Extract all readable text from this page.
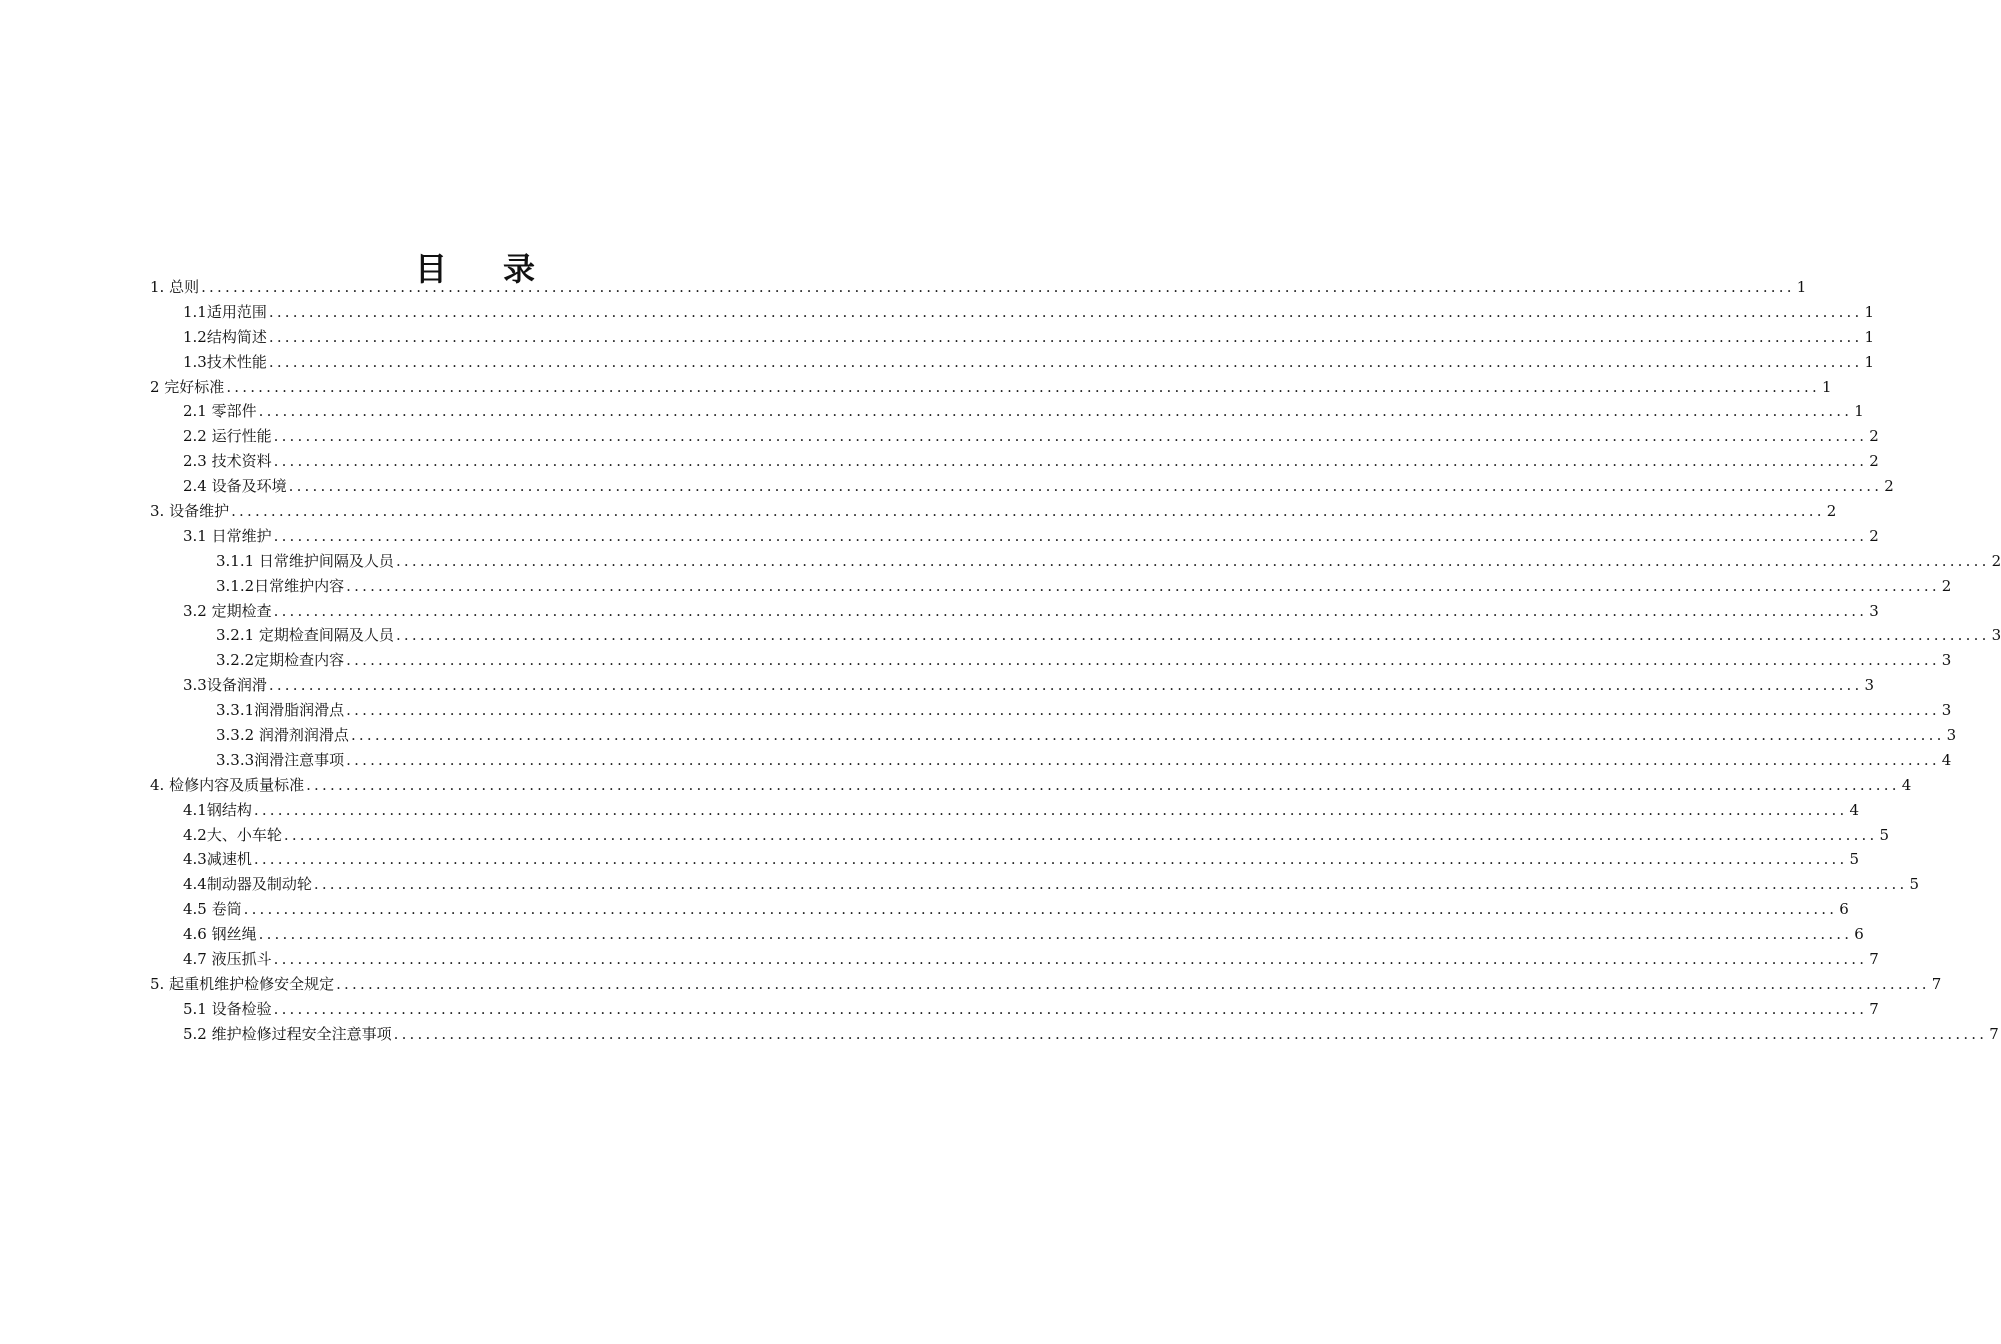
目 录
1. 总则 ........................................................................................................................................................................................................ 1
1.1适用范围 ........................................................................................................................................................................................................ 1
1.2结构简述 ........................................................................................................................................................................................................ 1
1.3技术性能 ........................................................................................................................................................................................................ 1
2 完好标准 ........................................................................................................................................................................................................ 1
2.1 零部件 ........................................................................................................................................................................................................ 1
2.2 运行性能 ........................................................................................................................................................................................................ 2
2.3 技术资料 ........................................................................................................................................................................................................ 2
2.4 设备及环境 ........................................................................................................................................................................................................ 2
3. 设备维护 ........................................................................................................................................................................................................ 2
3.1 日常维护 ........................................................................................................................................................................................................ 2
3.1.1 日常维护间隔及人员 ........................................................................................................................................................................................................ 2
3.1.2日常维护内容 ........................................................................................................................................................................................................ 2
3.2 定期检查 ........................................................................................................................................................................................................ 3
3.2.1 定期检查间隔及人员 ........................................................................................................................................................................................................ 3
3.2.2定期检查内容 ........................................................................................................................................................................................................ 3
3.3设备润滑 ........................................................................................................................................................................................................ 3
3.3.1润滑脂润滑点 ........................................................................................................................................................................................................ 3
3.3.2 润滑剂润滑点 ........................................................................................................................................................................................................ 3
3.3.3润滑注意事项 ........................................................................................................................................................................................................ 4
4. 检修内容及质量标准 ........................................................................................................................................................................................................ 4
4.1钢结构 ........................................................................................................................................................................................................ 4
4.2大、小车轮 ........................................................................................................................................................................................................ 5
4.3减速机 ........................................................................................................................................................................................................ 5
4.4制动器及制动轮 ........................................................................................................................................................................................................ 5
4.5 卷筒 ........................................................................................................................................................................................................ 6
4.6 钢丝绳 ........................................................................................................................................................................................................ 6
4.7 液压抓斗 ........................................................................................................................................................................................................ 7
5. 起重机维护检修安全规定 ........................................................................................................................................................................................................ 7
5.1 设备检验 ........................................................................................................................................................................................................ 7
5.2 维护检修过程安全注意事项 ........................................................................................................................................................................................................ 7
